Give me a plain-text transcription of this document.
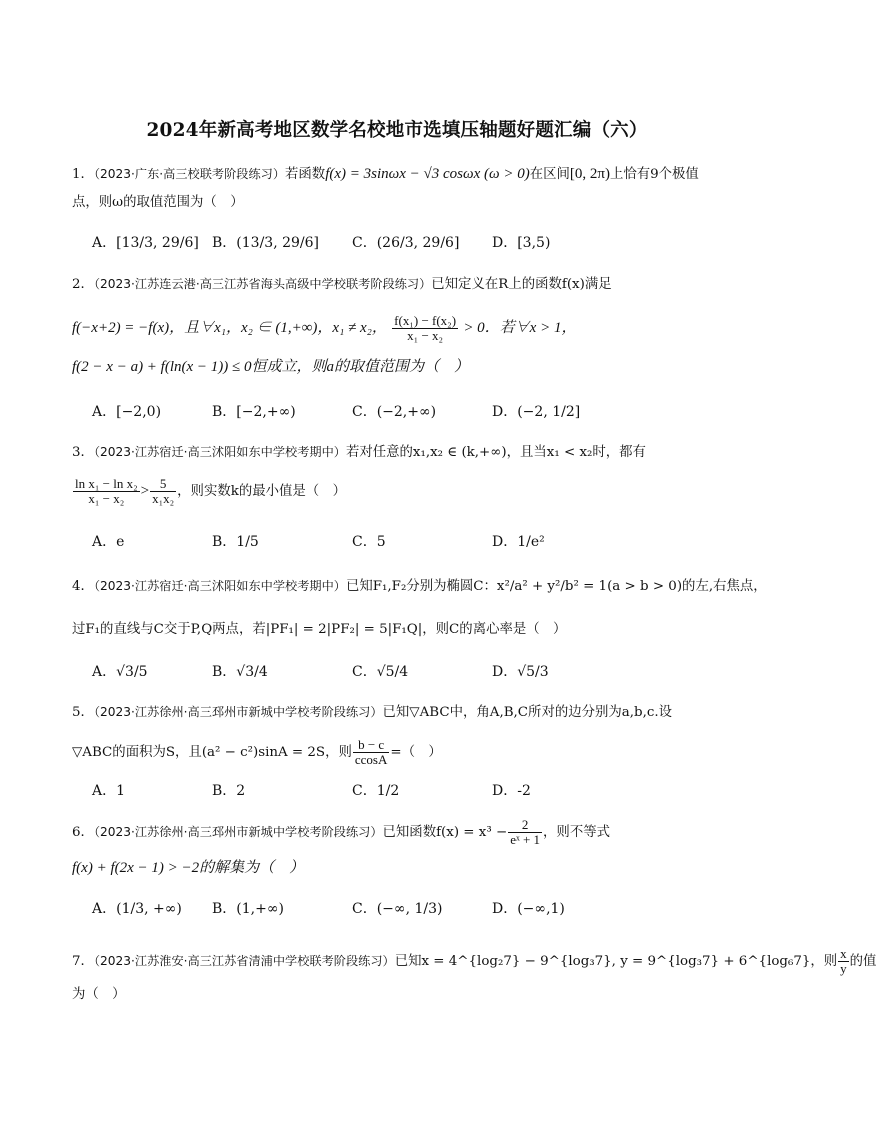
2024年新高考地区数学名校地市选填压轴题好题汇编（六）
1．（2023·广东·高三校联考阶段练习）若函数f(x) = 3sinωx − √3 cosωx (ω > 0)在区间[0, 2π)上恰有9个极值
点，则ω的取值范围为（　）
A．[13/3, 29/6] B．(13/3, 29/6] C．(26/3, 29/6] D．[3,5)
2．（2023·江苏连云港·高三江苏省海头高级中学校联考阶段练习）已知定义在R上的函数f(x)满足
f(−x+2) = −f(x)，且∀x₁，x₂ ∈ (1,+∞)，x₁ ≠ x₂， $\frac{\text{f(x₁) − f(x₂)}}{\text{x₁ − x₂}} > 0$．若∀x > 1，
f(2 − x − a) + f(ln(x − 1)) ≤ 0恒成立，则a的取值范围为（　）
A．[−2,0)	B．[−2,+∞)	C．(−2,+∞)	D．(−2, 1/2]
3．（2023·江苏宿迁·高三沭阳如东中学校考期中）若对任意的x₁,x₂ ∈ (k,+∞)，且当x₁ < x₂时，都有
$\frac{\text{ln x₁ − ln x₂}}{\text{x₁ − x₂}} > \frac{5}{\text{x₁x₂}}$ ，则实数k的最小值是（　）
A．e	B．1/5	C．5	D．1/e²
4．（2023·江苏宿迁·高三沭阳如东中学校考期中）已知F₁,F₂分别为椭圆C：x²/a² + y²/b² = 1(a > b > 0)的左,右焦点，
过F₁的直线与C交于P,Q两点，若|PF₁| = 2|PF₂| = 5|F₁Q|，则C的离心率是（　）
A．√3/5	B．√3/4	C．√5/4	D．√5/3
5．（2023·江苏徐州·高三邳州市新城中学校考阶段练习）已知▽ABC中，角A,B,C所对的边分别为a,b,c.设
▽ABC的面积为S，且(a² − c²)sinA = 2S，则 $\frac{b - c}{ccosA}$ =（　）
A．1	B．2	C．1/2	D．-2
6．（2023·江苏徐州·高三邳州市新城中学校考阶段练习）已知函数$f(x) = x^3 - \frac{2}{\text{eˣ + 1}}$ ，则不等式
f(x) + f(2x − 1) > −2的解集为（　）
A．(1/3, +∞) B．(1,+∞)	C．(−∞, 1/3)	D．(−∞,1)
7．（2023·江苏淮安·高三江苏省清浦中学校联考阶段练习）已知x = 4^{log₂7} − 9^{log₃7}, y = 9^{log₃7} + 6^{log₆7}，则 $\frac{x}{y}$ 的值
为（　）
